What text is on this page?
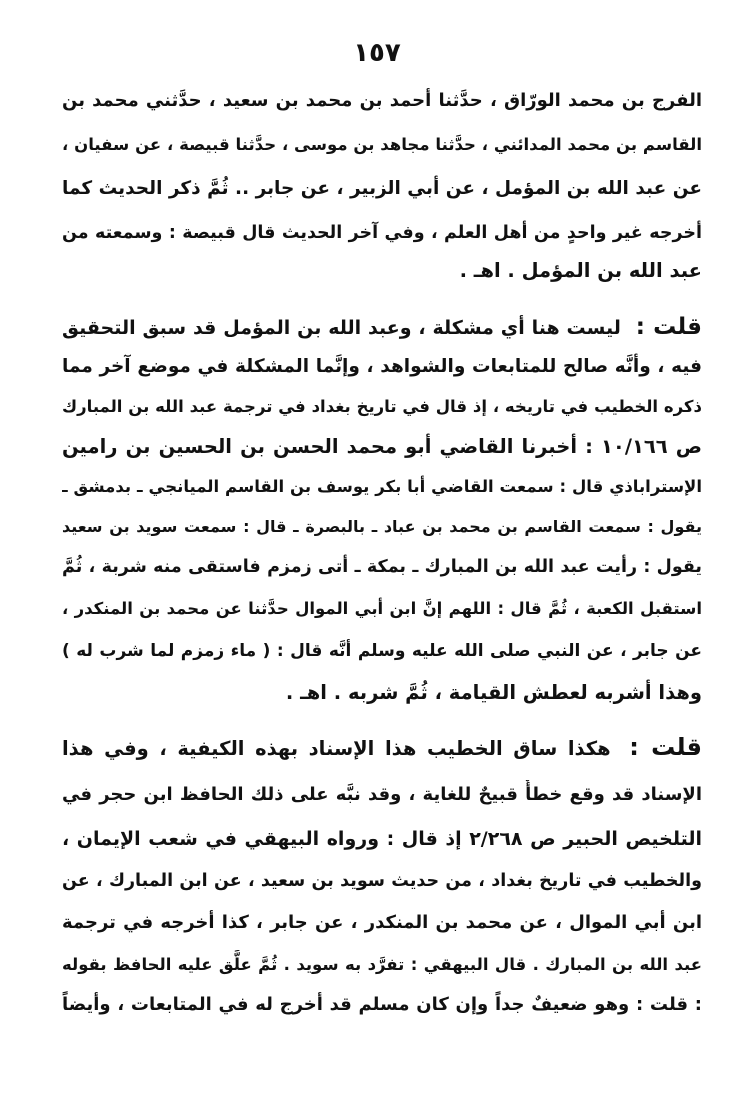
١٥٧
الفرج بن محمد الورّاق ، حدَّثنا أحمد بن محمد بن سعيد ، حدَّثني محمد بن
القاسم بن محمد المدائني ، حدَّثنا مجاهد بن موسى ، حدَّثنا قبيصة ، عن سفيان ،
عن عبد الله بن المؤمل ، عن أبي الزبير ، عن جابر .. ثُمَّ ذكر الحديث كما
أخرجه غير واحدٍ من أهل العلم ، وفي آخر الحديث قال قبيصة : وسمعته من
عبد الله بن المؤمل . اهـ .
قلت : ليست هنا أي مشكلة ، وعبد الله بن المؤمل قد سبق التحقيق
فيه ، وأنَّه صالح للمتابعات والشواهد ، وإنَّما المشكلة في موضع آخر مما
ذكره الخطيب في تاريخه ، إذ قال في تاريخ بغداد في ترجمة عبد الله بن المبارك
ص ١٠/١٦٦ : أخبرنا القاضي أبو محمد الحسن بن الحسين بن رامين
الإستراباذي قال : سمعت القاضي أبا بكر يوسف بن القاسم الميانجي ـ بدمشق ـ
يقول : سمعت القاسم بن محمد بن عباد ـ بالبصرة ـ قال : سمعت سويد بن سعيد
يقول : رأيت عبد الله بن المبارك ـ بمكة ـ أتى زمزم فاستقى منه شربة ، ثُمَّ
استقبل الكعبة ، ثُمَّ قال : اللهم إنَّ ابن أبي الموال حدَّثنا عن محمد بن المنكدر ،
عن جابر ، عن النبي صلى الله عليه وسلم أنَّه قال : ( ماء زمزم لما شرب له )
وهذا أشربه لعطش القيامة ، ثُمَّ شربه . اهـ .
قلت : هكذا ساق الخطيب هذا الإسناد بهذه الكيفية ، وفي هذا
الإسناد قد وقع خطأٌ قبيحٌ للغاية ، وقد نبَّه على ذلك الحافظ ابن حجر في
التلخيص الحبير ص ٢/٢٦٨ إذ قال : ورواه البيهقي في شعب الإيمان ،
والخطيب في تاريخ بغداد ، من حديث سويد بن سعيد ، عن ابن المبارك ، عن
ابن أبي الموال ، عن محمد بن المنكدر ، عن جابر ، كذا أخرجه في ترجمة
عبد الله بن المبارك . قال البيهقي : تفرَّد به سويد . ثُمَّ علَّق عليه الحافظ بقوله
: قلت : وهو ضعيفٌ جداً وإن كان مسلم قد أخرج له في المتابعات ، وأيضاً
